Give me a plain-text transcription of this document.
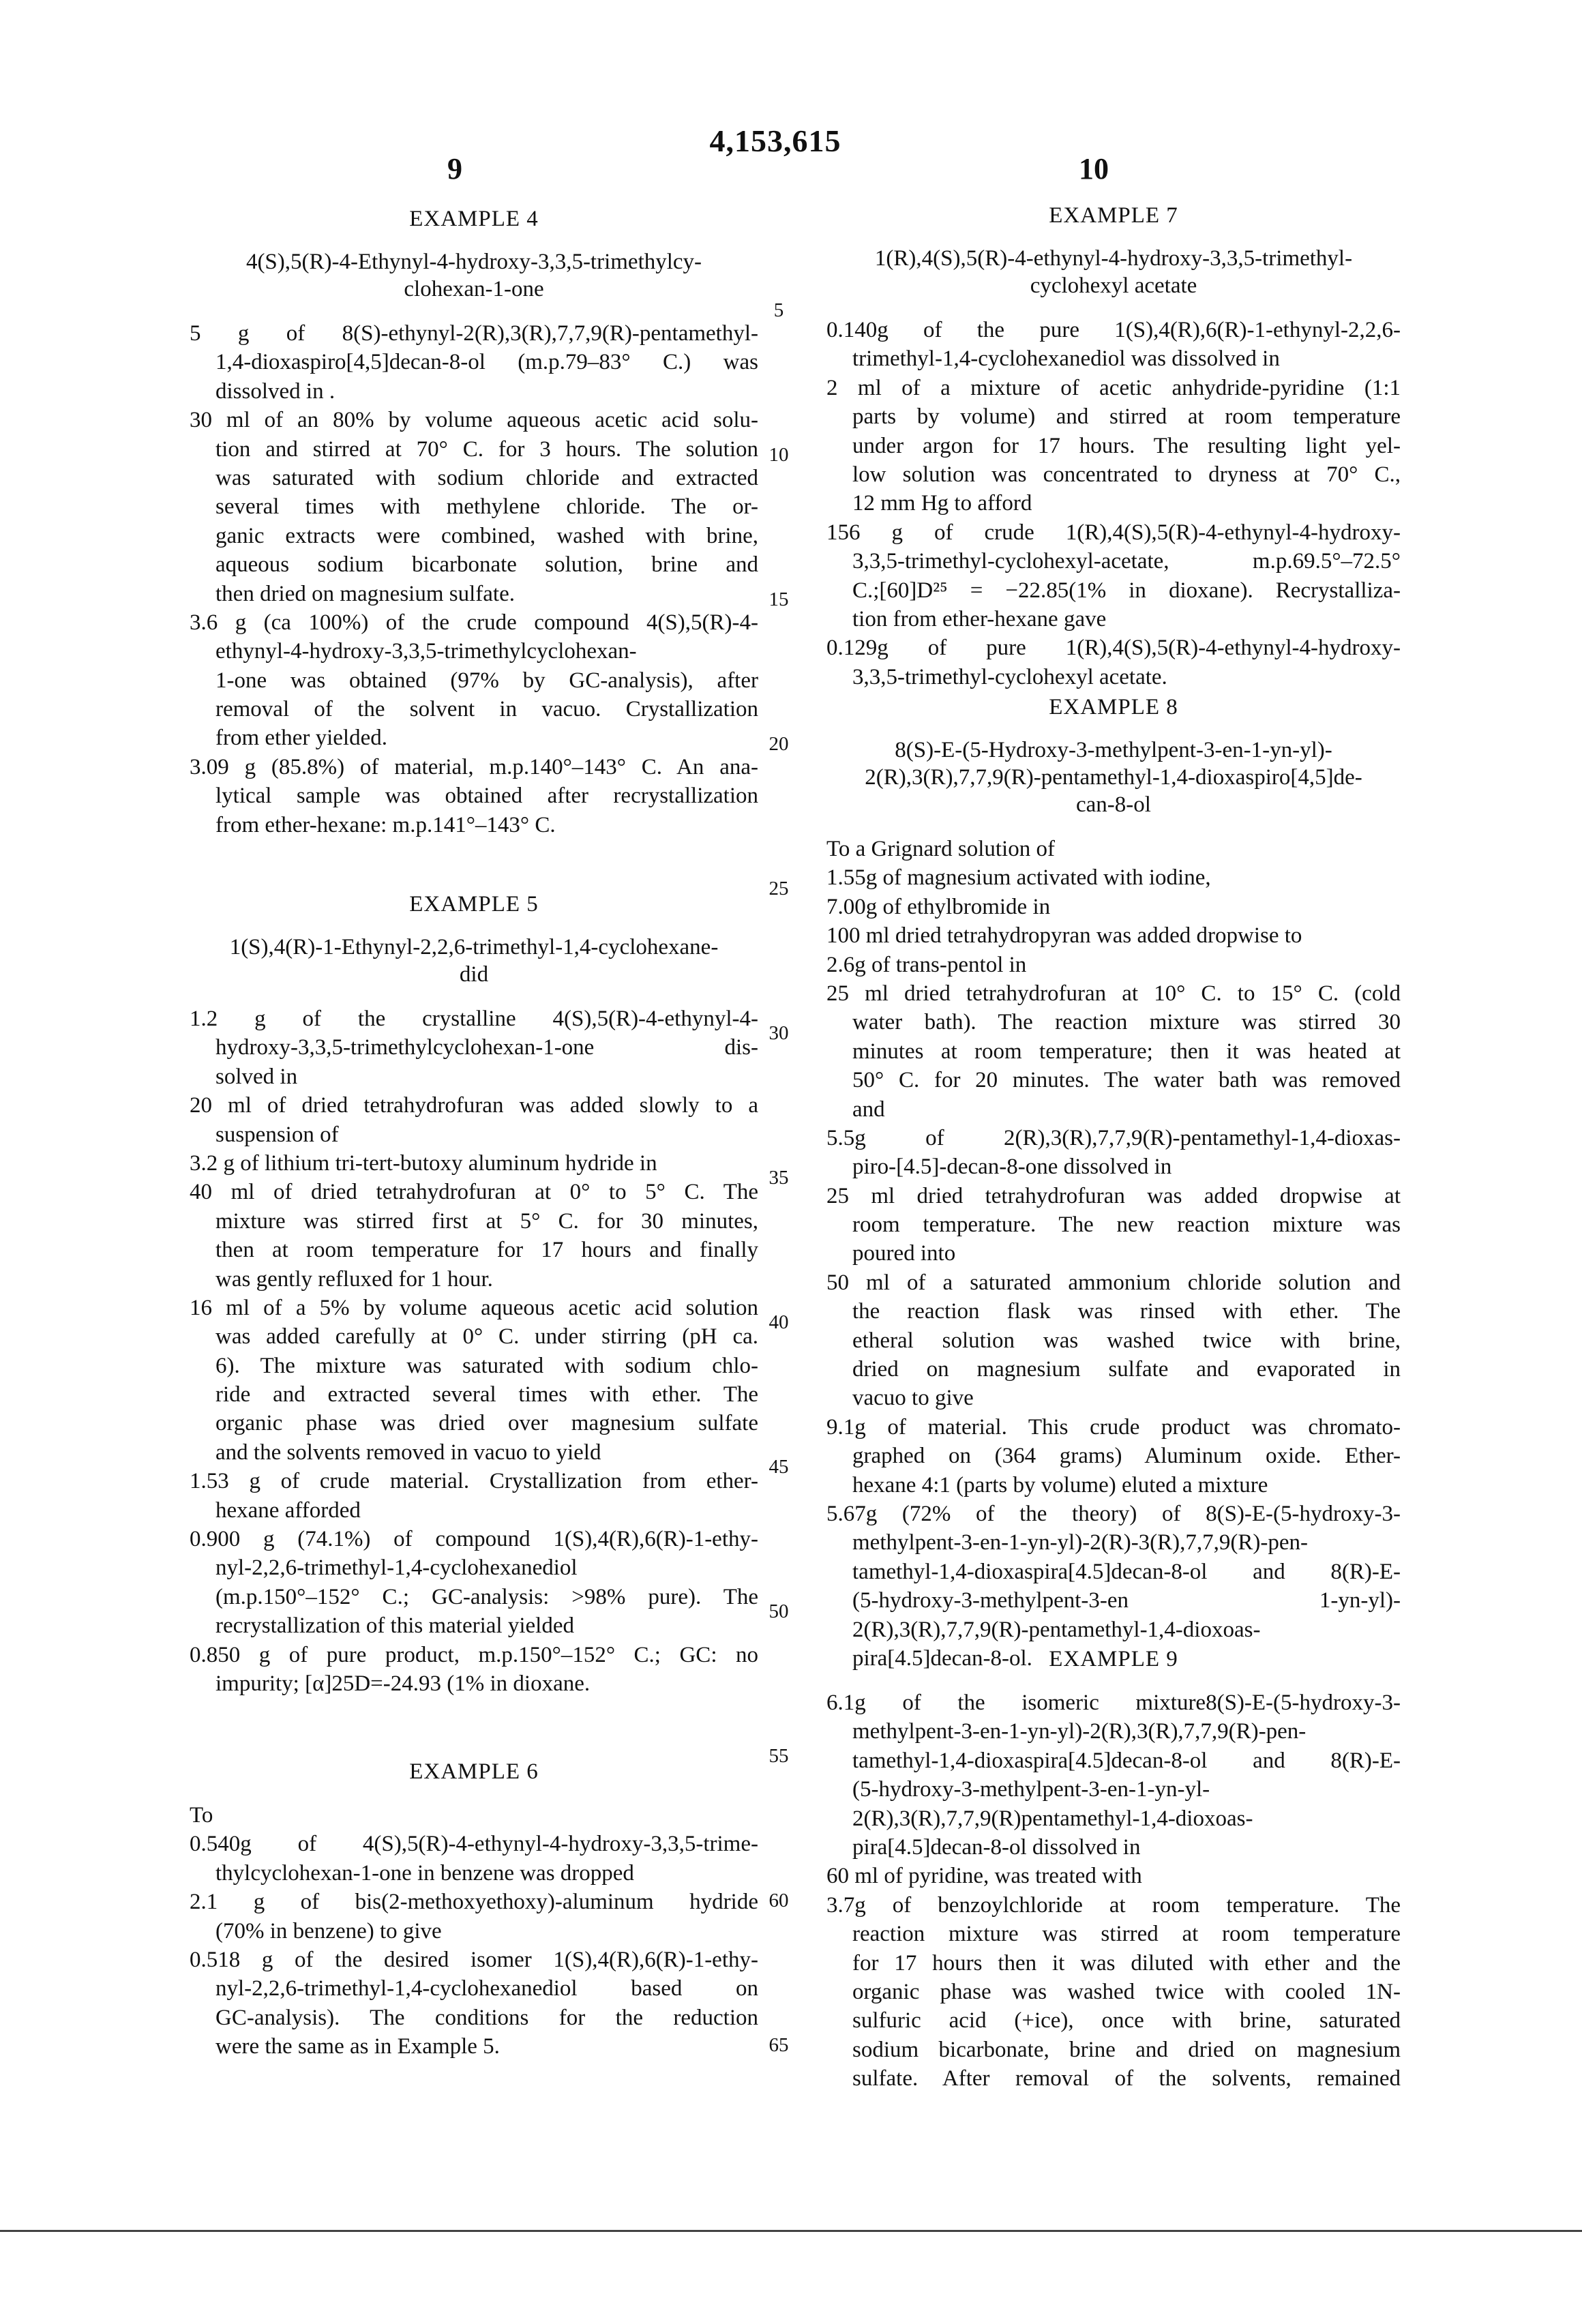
4,153,615
9	10
EXAMPLE 4
4(S),5(R)-4-Ethynyl-4-hydroxy-3,3,5-trimethylcy-
clohexan-1-one
5 g of 8(S)-ethynyl-2(R),3(R),7,7,9(R)-pentamethyl-
1,4-dioxaspiro[4,5]decan-8-ol (m.p.79–83° C.) was
dissolved in .
30 ml of an 80% by volume aqueous acetic acid solu-
tion and stirred at 70° C. for 3 hours. The solution
was saturated with sodium chloride and extracted
several times with methylene chloride. The or-
ganic extracts were combined, washed with brine,
aqueous sodium bicarbonate solution, brine and
then dried on magnesium sulfate.
3.6 g (ca 100%) of the crude compound 4(S),5(R)-4-
ethynyl-4-hydroxy-3,3,5-trimethylcyclohexan-
1-one was obtained (97% by GC-analysis), after
removal of the solvent in vacuo. Crystallization
from ether yielded.
3.09 g (85.8%) of material, m.p.140°–143° C. An ana-
lytical sample was obtained after recrystallization
from ether-hexane: m.p.141°–143° C.
EXAMPLE 5
1(S),4(R)-1-Ethynyl-2,2,6-trimethyl-1,4-cyclohexane-
did
1.2 g of the crystalline 4(S),5(R)-4-ethynyl-4-
hydroxy-3,3,5-trimethylcyclohexan-1-one dis-
solved in
20 ml of dried tetrahydrofuran was added slowly to a
suspension of
3.2 g of lithium tri-tert-butoxy aluminum hydride in
40 ml of dried tetrahydrofuran at 0° to 5° C. The
mixture was stirred first at 5° C. for 30 minutes,
then at room temperature for 17 hours and finally
was gently refluxed for 1 hour.
16 ml of a 5% by volume aqueous acetic acid solution
was added carefully at 0° C. under stirring (pH ca.
6). The mixture was saturated with sodium chlo-
ride and extracted several times with ether. The
organic phase was dried over magnesium sulfate
and the solvents removed in vacuo to yield
1.53 g of crude material. Crystallization from ether-
hexane afforded
0.900 g (74.1%) of compound 1(S),4(R),6(R)-1-ethy-
nyl-2,2,6-trimethyl-1,4-cyclohexanediol
(m.p.150°–152° C.; GC-analysis: >98% pure). The
recrystallization of this material yielded
0.850 g of pure product, m.p.150°–152° C.; GC: no
impurity; [α]25D=-24.93 (1% in dioxane.
EXAMPLE 6
To
0.540g of 4(S),5(R)-4-ethynyl-4-hydroxy-3,3,5-trime-
thylcyclohexan-1-one in benzene was dropped
2.1 g of bis(2-methoxyethoxy)-aluminum hydride
(70% in benzene) to give
0.518 g of the desired isomer 1(S),4(R),6(R)-1-ethy-
nyl-2,2,6-trimethyl-1,4-cyclohexanediol based on
GC-analysis). The conditions for the reduction
were the same as in Example 5.
EXAMPLE 7
1(R),4(S),5(R)-4-ethynyl-4-hydroxy-3,3,5-trimethyl-
cyclohexyl acetate
0.140g of the pure 1(S),4(R),6(R)-1-ethynyl-2,2,6-
trimethyl-1,4-cyclohexanediol was dissolved in
2 ml of a mixture of acetic anhydride-pyridine (1:1
parts by volume) and stirred at room temperature
under argon for 17 hours. The resulting light yel-
low solution was concentrated to dryness at 70° C.,
12 mm Hg to afford
156 g of crude 1(R),4(S),5(R)-4-ethynyl-4-hydroxy-
3,3,5-trimethyl-cyclohexyl-acetate, m.p.69.5°–72.5°
C.;[60]D²⁵ = −22.85(1% in dioxane). Recrystalliza-
tion from ether-hexane gave
0.129g of pure 1(R),4(S),5(R)-4-ethynyl-4-hydroxy-
3,3,5-trimethyl-cyclohexyl acetate.
EXAMPLE 8
8(S)-E-(5-Hydroxy-3-methylpent-3-en-1-yn-yl)-
2(R),3(R),7,7,9(R)-pentamethyl-1,4-dioxaspiro[4,5]de-
can-8-ol
To a Grignard solution of
1.55g of magnesium activated with iodine,
7.00g of ethylbromide in
100 ml dried tetrahydropyran was added dropwise to
2.6g of trans-pentol in
25 ml dried tetrahydrofuran at 10° C. to 15° C. (cold
water bath). The reaction mixture was stirred 30
minutes at room temperature; then it was heated at
50° C. for 20 minutes. The water bath was removed
and
5.5g of 2(R),3(R),7,7,9(R)-pentamethyl-1,4-dioxas-
piro-[4.5]-decan-8-one dissolved in
25 ml dried tetrahydrofuran was added dropwise at
room temperature. The new reaction mixture was
poured into
50 ml of a saturated ammonium chloride solution and
the reaction flask was rinsed with ether. The
etheral solution was washed twice with brine,
dried on magnesium sulfate and evaporated in
vacuo to give
9.1g of material. This crude product was chromato-
graphed on (364 grams) Aluminum oxide. Ether-
hexane 4:1 (parts by volume) eluted a mixture
5.67g (72% of the theory) of 8(S)-E-(5-hydroxy-3-
methylpent-3-en-1-yn-yl)-2(R)-3(R),7,7,9(R)-pen-
tamethyl-1,4-dioxaspira[4.5]decan-8-ol and 8(R)-E-
(5-hydroxy-3-methylpent-3-en 1-yn-yl)-
2(R),3(R),7,7,9(R)-pentamethyl-1,4-dioxoas-
pira[4.5]decan-8-ol. EXAMPLE 9
6.1g of the isomeric mixture8(S)-E-(5-hydroxy-3-
methylpent-3-en-1-yn-yl)-2(R),3(R),7,7,9(R)-pen-
tamethyl-1,4-dioxaspira[4.5]decan-8-ol and 8(R)-E-
(5-hydroxy-3-methylpent-3-en-1-yn-yl-
2(R),3(R),7,7,9(R)pentamethyl-1,4-dioxoas-
pira[4.5]decan-8-ol dissolved in
60 ml of pyridine, was treated with
3.7g of benzoylchloride at room temperature. The
reaction mixture was stirred at room temperature
for 17 hours then it was diluted with ether and the
organic phase was washed twice with cooled 1N-
sulfuric acid (+ice), once with brine, saturated
sodium bicarbonate, brine and dried on magnesium
sulfate. After removal of the solvents, remained
5
10
15
20
25
30
35
40
45
50
55
60
65
